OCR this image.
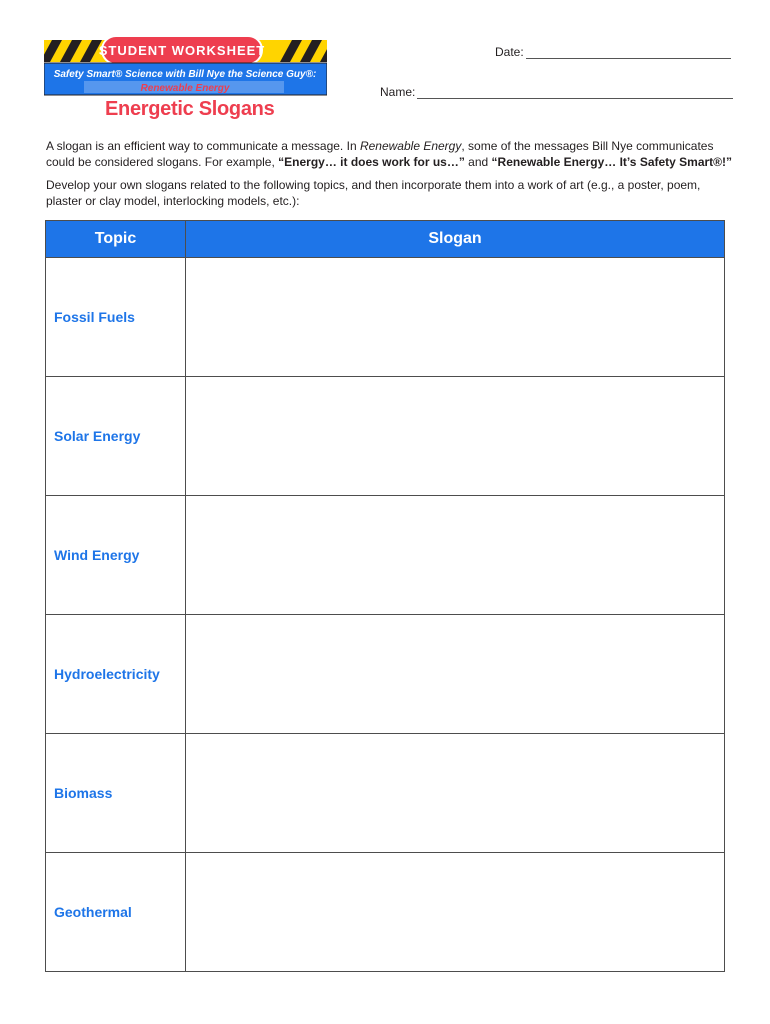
STUDENT WORKSHEET
Safety Smart® Science with Bill Nye the Science Guy®:
Renewable Energy
Date:
Name:
Energetic Slogans
A slogan is an efficient way to communicate a message. In Renewable Energy, some of the messages Bill Nye communicates could be considered slogans. For example, “Energy… it does work for us…” and “Renewable Energy… It’s Safety Smart®!”
Develop your own slogans related to the following topics, and then incorporate them into a work of art (e.g., a poster, poem, plaster or clay model, interlocking models, etc.):
Topic	Slogan
Fossil Fuels	
Solar Energy	
Wind Energy	
Hydroelectricity	
Biomass	
Geothermal	
